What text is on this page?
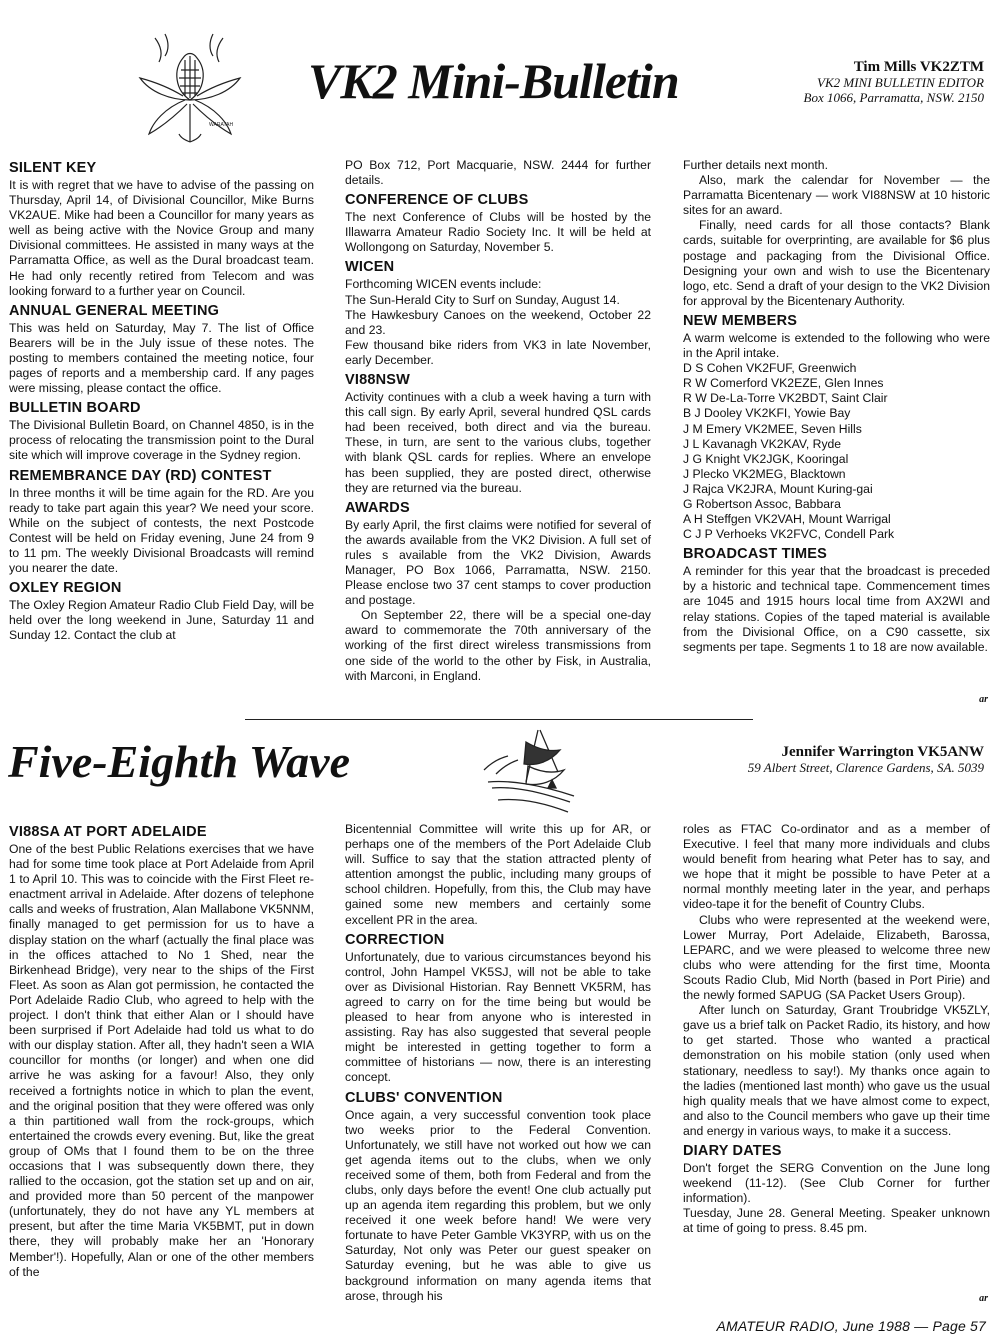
WARATAH
VK2 Mini-Bulletin	Tim Mills VK2ZTM
VK2 MINI BULLETIN EDITOR
Box 1066, Parramatta, NSW. 2150
SILENT KEY

It is with regret that we have to advise of the passing on Thursday, April 14, of Divisional Councillor, Mike Burns VK2AUE. Mike had been a Councillor for many years as well as being active with the Novice Group and many Divisional committees. He assisted in many ways at the Parramatta Office, as well as the Dural broadcast team. He had only recently retired from Telecom and was looking forward to a further year on Council.

ANNUAL GENERAL MEETING

This was held on Saturday, May 7. The list of Office Bearers will be in the July issue of these notes. The posting to members contained the meeting notice, four pages of reports and a membership card. If any pages were missing, please contact the office.

BULLETIN BOARD

The Divisional Bulletin Board, on Channel 4850, is in the process of relocating the transmission point to the Dural site which will improve coverage in the Sydney region.

REMEMBRANCE DAY (RD) CONTEST

In three months it will be time again for the RD. Are you ready to take part again this year? We need your score. While on the subject of contests, the next Postcode Contest will be held on Friday evening, June 24 from 9 to 11 pm. The weekly Divisional Broadcasts will remind you nearer the date.

OXLEY REGION

The Oxley Region Amateur Radio Club Field Day, will be held over the long weekend in June, Saturday 11 and Sunday 12. Contact the club at

PO Box 712, Port Macquarie, NSW. 2444 for further details.

CONFERENCE OF CLUBS

The next Conference of Clubs will be hosted by the Illawarra Amateur Radio Society Inc. It will be held at Wollongong on Saturday, November 5.

WICEN

Forthcoming WICEN events include:

The Sun-Herald City to Surf on Sunday, August 14.

The Hawkesbury Canoes on the weekend, October 22 and 23.

Few thousand bike riders from VK3 in late November, early December.

VI88NSW

Activity continues with a club a week having a turn with this call sign. By early April, several hundred QSL cards had been received, both direct and via the bureau. These, in turn, are sent to the various clubs, together with blank QSL cards for replies. Where an envelope has been supplied, they are posted direct, otherwise they are returned via the bureau.

AWARDS

By early April, the first claims were notified for several of the awards available from the VK2 Division. A full set of rules s available from the VK2 Division, Awards Manager, PO Box 1066, Parramatta, NSW. 2150. Please enclose two 37 cent stamps to cover production and postage.

On September 22, there will be a special one-day award to commemorate the 70th anniversary of the working of the first direct wireless transmissions from one side of the world to the other by Fisk, in Australia, with Marconi, in England.

Further details next month.

Also, mark the calendar for November — the Parramatta Bicentenary — work VI88NSW at 10 historic sites for an award.

Finally, need cards for all those contacts? Blank cards, suitable for overprinting, are available for $6 plus postage and packaging from the Divisional Office. Designing your own and wish to use the Bicentenary logo, etc. Send a draft of your design to the VK2 Division for approval by the Bicentenary Authority.

NEW MEMBERS

A warm welcome is extended to the following who were in the April intake.

D S Cohen VK2FUF, Greenwich
R W Comerford VK2EZE, Glen Innes
R W De-La-Torre VK2BDT, Saint Clair
B J Dooley VK2KFI, Yowie Bay
J M Emery VK2MEE, Seven Hills
J L Kavanagh VK2KAV, Ryde
J G Knight VK2JGK, Kooringal
J Plecko VK2MEG, Blacktown
J Rajca VK2JRA, Mount Kuring-gai
G Robertson Assoc, Babbara
A H Steffgen VK2VAH, Mount Warrigal
C J P Verhoeks VK2FVC, Condell Park
BROADCAST TIMES

A reminder for this year that the broadcast is preceded by a historic and technical tape. Commencement times are 1045 and 1915 hours local time from AX2WI and relay stations. Copies of the taped material is available from the Divisional Office, on a C90 cassette, six segments per tape. Segments 1 to 18 are now available.

ar
Five-Eighth Wave	Jennifer Warrington VK5ANW
59 Albert Street, Clarence Gardens, SA. 5039
VI88SA AT PORT ADELAIDE

One of the best Public Relations exercises that we have had for some time took place at Port Adelaide from April 1 to April 10. This was to coincide with the First Fleet re-enactment arrival in Adelaide. After dozens of telephone calls and weeks of frustration, Alan Mallabone VK5NNM, finally managed to get permission for us to have a display station on the wharf (actually the final place was in the offices attached to No 1 Shed, near the Birkenhead Bridge), very near to the ships of the First Fleet. As soon as Alan got permission, he contacted the Port Adelaide Radio Club, who agreed to help with the project. I don't think that either Alan or I should have been surprised if Port Adelaide had told us what to do with our display station. After all, they hadn't seen a WIA councillor for months (or longer) and when one did arrive he was asking for a favour! Also, they only received a fortnights notice in which to plan the event, and the original position that they were offered was only a thin partitioned wall from the rock-groups, which entertained the crowds every evening. But, like the great group of OMs that I found them to be on the three occasions that I was subsequently down there, they rallied to the occasion, got the station set up and on air, and provided more than 50 percent of the manpower (unfortunately, they do not have any YL members at present, but after the time Maria VK5BMT, put in down there, they will probably make her an 'Honorary Member'!). Hopefully, Alan or one of the other members of the

Bicentennial Committee will write this up for AR, or perhaps one of the members of the Port Adelaide Club will. Suffice to say that the station attracted plenty of attention amongst the public, including many groups of school children. Hopefully, from this, the Club may have gained some new members and certainly some excellent PR in the area.

CORRECTION

Unfortunately, due to various circumstances beyond his control, John Hampel VK5SJ, will not be able to take over as Divisional Historian. Ray Bennett VK5RM, has agreed to carry on for the time being but would be pleased to hear from anyone who is interested in assisting. Ray has also suggested that several people might be interested in getting together to form a committee of historians — now, there is an interesting concept.

CLUBS' CONVENTION

Once again, a very successful convention took place two weeks prior to the Federal Convention. Unfortunately, we still have not worked out how we can get agenda items out to the clubs, when we only received some of them, both from Federal and from the clubs, only days before the event! One club actually put up an agenda item regarding this problem, but we only received it one week before hand! We were very fortunate to have Peter Gamble VK3YRP, with us on the Saturday, Not only was Peter our guest speaker on Saturday evening, but he was able to give us background information on many agenda items that arose, through his

roles as FTAC Co-ordinator and as a member of Executive. I feel that many more individuals and clubs would benefit from hearing what Peter has to say, and we hope that it might be possible to have Peter at a normal monthly meeting later in the year, and perhaps video-tape it for the benefit of Country Clubs.

Clubs who were represented at the weekend were, Lower Murray, Port Adelaide, Elizabeth, Barossa, LEPARC, and we were pleased to welcome three new clubs who were attending for the first time, Moonta Scouts Radio Club, Mid North (based in Port Pirie) and the newly formed SAPUG (SA Packet Users Group).

After lunch on Saturday, Grant Troubridge VK5ZLY, gave us a brief talk on Packet Radio, its history, and how to get started. Those who wanted a practical demonstration on his mobile station (only used when stationary, needless to say!). My thanks once again to the ladies (mentioned last month) who gave us the usual high quality meals that we have almost come to expect, and also to the Council members who gave up their time and energy in various ways, to make it a success.

DIARY DATES

Don't forget the SERG Convention on the June long weekend (11-12). (See Club Corner for further information).

Tuesday, June 28. General Meeting. Speaker unknown at time of going to press. 8.45 pm.

ar
AMATEUR RADIO, June 1988 — Page 57
